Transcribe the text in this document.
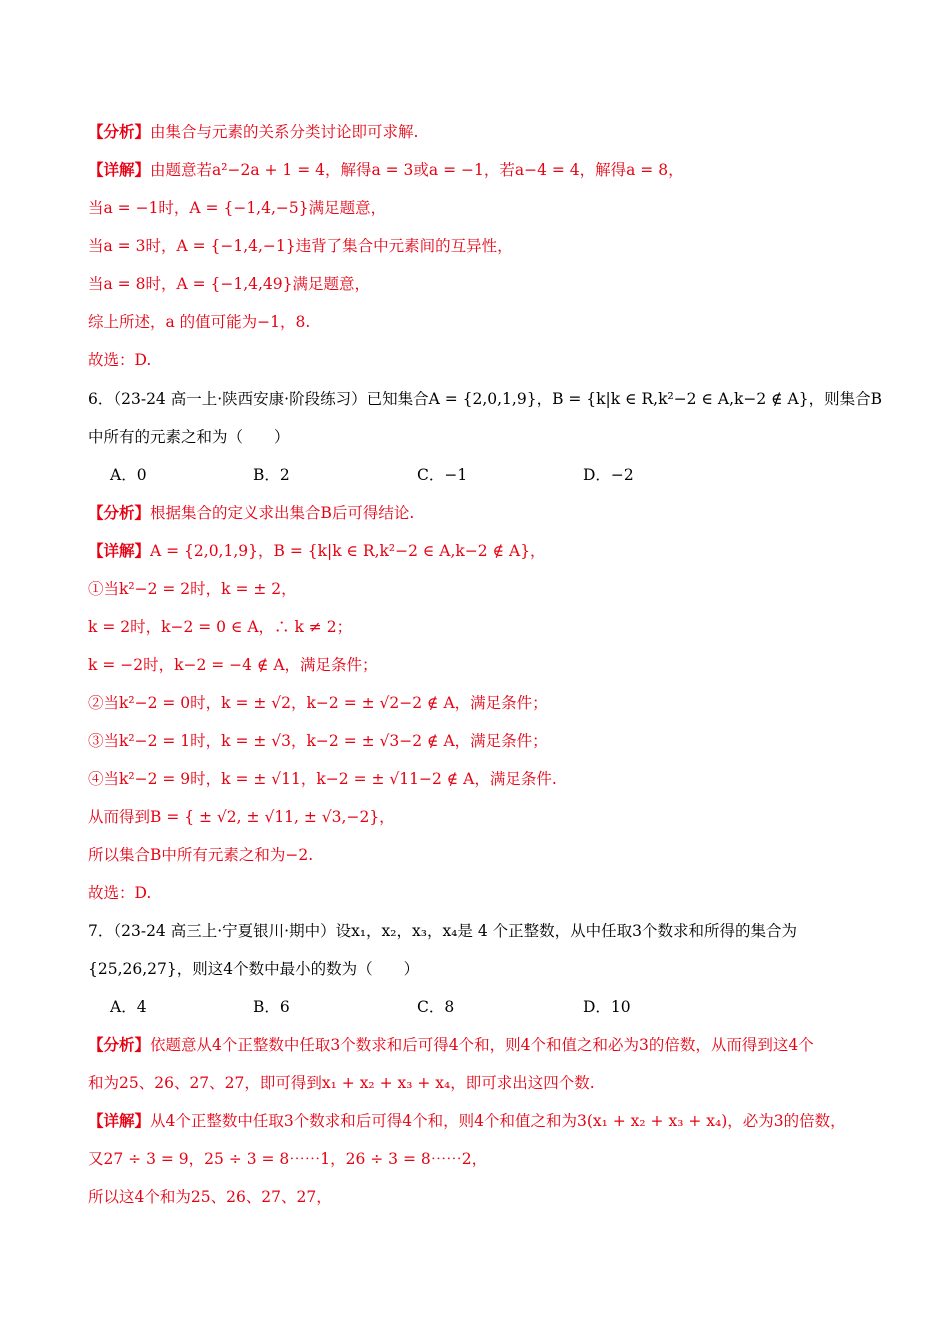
【分析】由集合与元素的关系分类讨论即可求解.
【详解】由题意若a²−2a + 1 = 4，解得a = 3或a = −1，若a−4 = 4，解得a = 8，
当a = −1时，A = {−1,4,−5}满足题意，
当a = 3时，A = {−1,4,−1}违背了集合中元素间的互异性，
当a = 8时，A = {−1,4,49}满足题意，
综上所述，a 的值可能为−1，8.
故选：D.
6．（23-24 高一上·陕西安康·阶段练习）已知集合A = {2,0,1,9}，B = {k|k ∈ R,k²−2 ∈ A,k−2 ∉ A}，则集合B
中所有的元素之和为（　　）
【分析】根据集合的定义求出集合B后可得结论.
【详解】A = {2,0,1,9}，B = {k|k ∈ R,k²−2 ∈ A,k−2 ∉ A}，
①当k²−2 = 2时，k = ± 2，
k = 2时，k−2 = 0 ∈ A，∴ k ≠ 2；
k = −2时，k−2 = −4 ∉ A，满足条件；
②当k²−2 = 0时，k = ± √2，k−2 = ± √2−2 ∉ A，满足条件；
③当k²−2 = 1时，k = ± √3，k−2 = ± √3−2 ∉ A，满足条件；
④当k²−2 = 9时，k = ± √11，k−2 = ± √11−2 ∉ A，满足条件.
从而得到B = { ± √2, ± √11, ± √3,−2}，
所以集合B中所有元素之和为−2.
故选：D.
7．（23-24 高三上·宁夏银川·期中）设x₁，x₂，x₃，x₄是 4 个正整数，从中任取3个数求和所得的集合为
{25,26,27}，则这4个数中最小的数为（　　）
【分析】依题意从4个正整数中任取3个数求和后可得4个和，则4个和值之和必为3的倍数，从而得到这4个
和为25、26、27、27，即可得到x₁ + x₂ + x₃ + x₄，即可求出这四个数.
【详解】从4个正整数中任取3个数求和后可得4个和，则4个和值之和为3(x₁ + x₂ + x₃ + x₄)，必为3的倍数，
又27 ÷ 3 = 9，25 ÷ 3 = 8⋯⋯1，26 ÷ 3 = 8⋯⋯2，
所以这4个和为25、26、27、27，
A．0	B．2	C．−1	D．−2
A．4	B．6	C．8	D．10
